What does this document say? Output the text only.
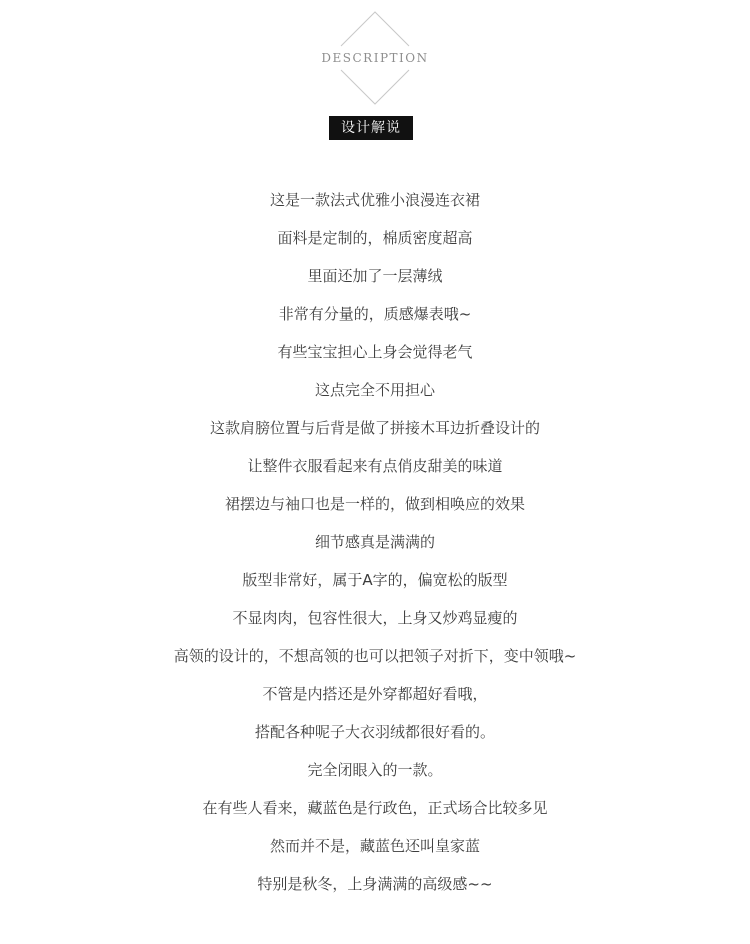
DESCRIPTION
设计解说
这是一款法式优雅小浪漫连衣裙
面料是定制的，棉质密度超高
里面还加了一层薄绒
非常有分量的，质感爆表哦~
有些宝宝担心上身会觉得老气
这点完全不用担心
这款肩膀位置与后背是做了拼接木耳边折叠设计的
让整件衣服看起来有点俏皮甜美的味道
裙摆边与袖口也是一样的，做到相唤应的效果
细节感真是满满的
版型非常好，属于A字的，偏宽松的版型
不显肉肉，包容性很大，上身又炒鸡显瘦的
高领的设计的，不想高领的也可以把领子对折下，变中领哦~
不管是内搭还是外穿都超好看哦，
搭配各种呢子大衣羽绒都很好看的。
完全闭眼入的一款。
在有些人看来，藏蓝色是行政色，正式场合比较多见
然而并不是，藏蓝色还叫皇家蓝
特别是秋冬，上身满满的高级感~~
